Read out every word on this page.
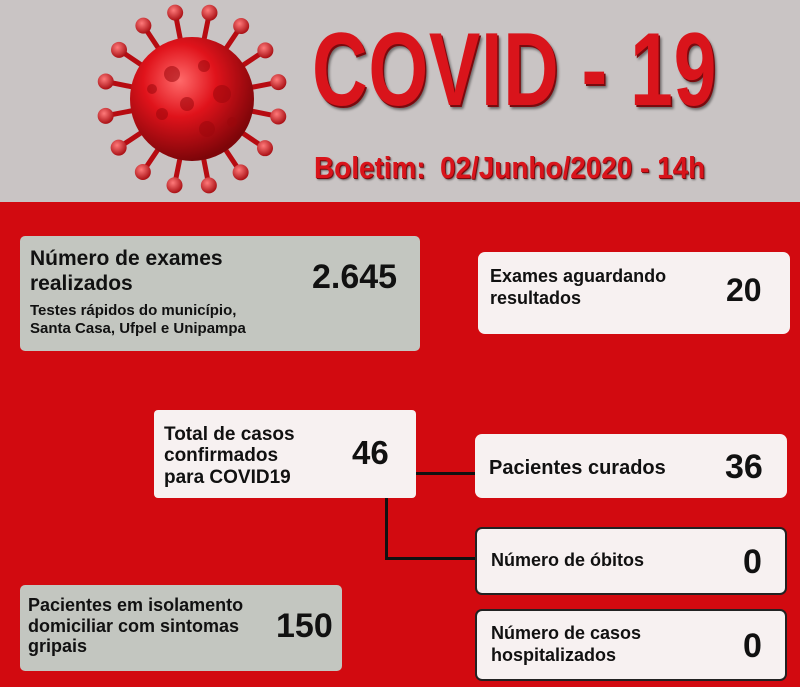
COVID - 19
Boletim: 02/Junho/2020 - 14h
Número de exames
realizados
Testes rápidos do município,
Santa Casa, Ufpel e Unipampa
2.645	Exames aguardando
resultados	20
Total de casos
confirmados
para COVID19
46	Pacientes curados 36
Número de óbitos	0
Pacientes em isolamento
domiciliar com sintomas
gripais
150	Número de casos
hospitalizados	0
